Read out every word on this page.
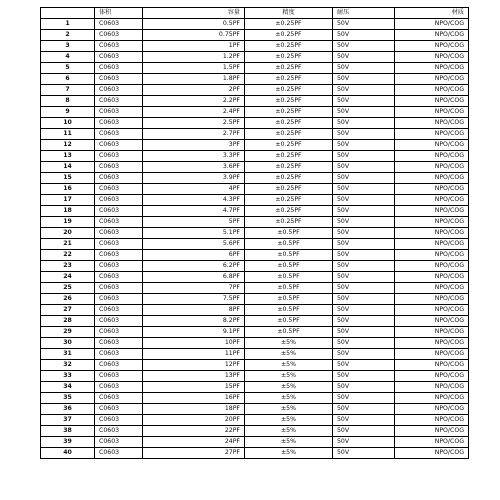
	体积	容量	精度	耐压	材质
1	C0603	0.5PF	±0.25PF	50V	NPO/COG
2	C0603	0.75PF	±0.25PF	50V	NPO/COG
3	C0603	1PF	±0.25PF	50V	NPO/COG
4	C0603	1.2PF	±0.25PF	50V	NPO/COG
5	C0603	1.5PF	±0.25PF	50V	NPO/COG
6	C0603	1.8PF	±0.25PF	50V	NPO/COG
7	C0603	2PF	±0.25PF	50V	NPO/COG
8	C0603	2.2PF	±0.25PF	50V	NPO/COG
9	C0603	2.4PF	±0.25PF	50V	NPO/COG
10	C0603	2.5PF	±0.25PF	50V	NPO/COG
11	C0603	2.7PF	±0.25PF	50V	NPO/COG
12	C0603	3PF	±0.25PF	50V	NPO/COG
13	C0603	3.3PF	±0.25PF	50V	NPO/COG
14	C0603	3.6PF	±0.25PF	50V	NPO/COG
15	C0603	3.9PF	±0.25PF	50V	NPO/COG
16	C0603	4PF	±0.25PF	50V	NPO/COG
17	C0603	4.3PF	±0.25PF	50V	NPO/COG
18	C0603	4.7PF	±0.25PF	50V	NPO/COG
19	C0603	5PF	±0.25PF	50V	NPO/COG
20	C0603	5.1PF	±0.5PF	50V	NPO/COG
21	C0603	5.6PF	±0.5PF	50V	NPO/COG
22	C0603	6PF	±0.5PF	50V	NPO/COG
23	C0603	6.2PF	±0.5PF	50V	NPO/COG
24	C0603	6.8PF	±0.5PF	50V	NPO/COG
25	C0603	7PF	±0.5PF	50V	NPO/COG
26	C0603	7.5PF	±0.5PF	50V	NPO/COG
27	C0603	8PF	±0.5PF	50V	NPO/COG
28	C0603	8.2PF	±0.5PF	50V	NPO/COG
29	C0603	9.1PF	±0.5PF	50V	NPO/COG
30	C0603	10PF	±5%	50V	NPO/COG
31	C0603	11PF	±5%	50V	NPO/COG
32	C0603	12PF	±5%	50V	NPO/COG
33	C0603	13PF	±5%	50V	NPO/COG
34	C0603	15PF	±5%	50V	NPO/COG
35	C0603	16PF	±5%	50V	NPO/COG
36	C0603	18PF	±5%	50V	NPO/COG
37	C0603	20PF	±5%	50V	NPO/COG
38	C0603	22PF	±5%	50V	NPO/COG
39	C0603	24PF	±5%	50V	NPO/COG
40	C0603	27PF	±5%	50V	NPO/COG
